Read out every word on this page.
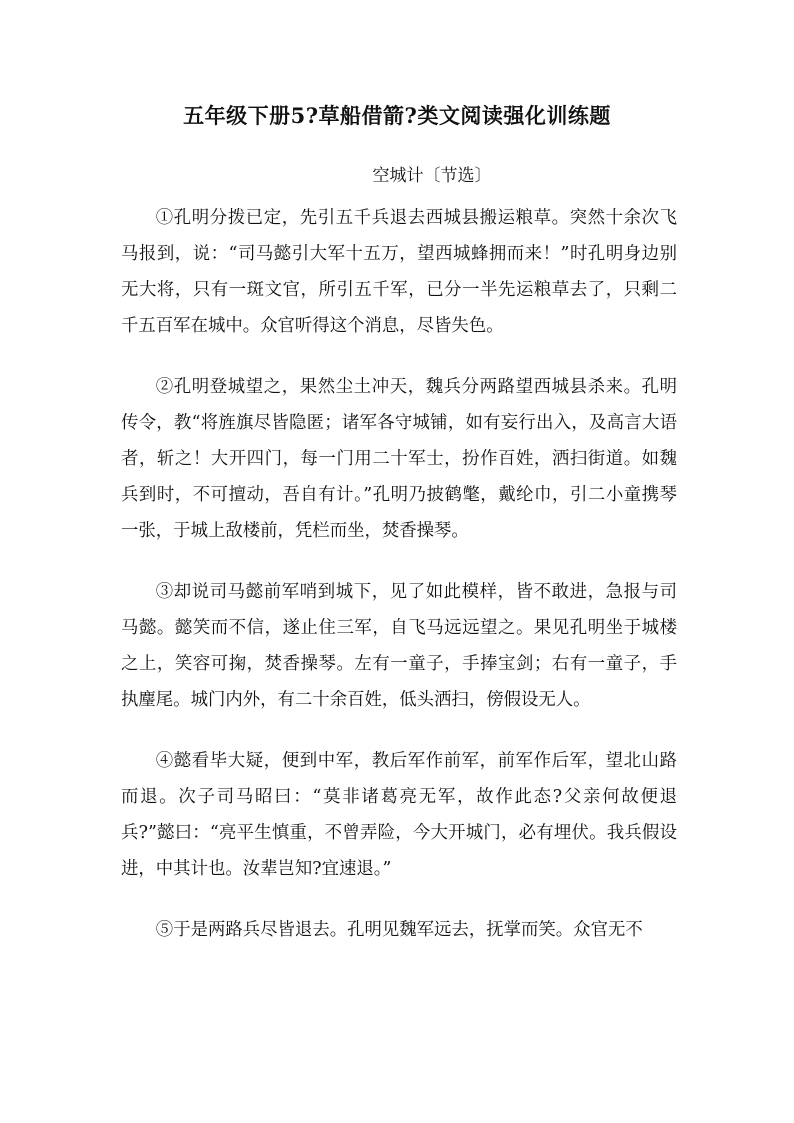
五年级下册5?草船借箭?类文阅读强化训练题
空城计〔节选〕

①孔明分拨已定，先引五千兵退去西城县搬运粮草。突然十余次飞马报到，说：“司马懿引大军十五万，望西城蜂拥而来！”时孔明身边别无大将，只有一斑文官，所引五千军，已分一半先运粮草去了，只剩二千五百军在城中。众官听得这个消息，尽皆失色。

②孔明登城望之，果然尘土冲天，魏兵分两路望西城县杀来。孔明传令，教“将旌旗尽皆隐匿；诸军各守城铺，如有妄行出入，及高言大语者，斩之！大开四门，每一门用二十军士，扮作百姓，洒扫街道。如魏兵到时，不可擅动，吾自有计。”孔明乃披鹤氅，戴纶巾，引二小童携琴一张，于城上敌楼前，凭栏而坐，焚香操琴。

③却说司马懿前军哨到城下，见了如此模样，皆不敢进，急报与司马懿。懿笑而不信，遂止住三军，自飞马远远望之。果见孔明坐于城楼之上，笑容可掬，焚香操琴。左有一童子，手捧宝剑；右有一童子，手执麈尾。城门内外，有二十余百姓，低头洒扫，傍假设无人。

④懿看毕大疑，便到中军，教后军作前军，前军作后军，望北山路而退。次子司马昭曰：“莫非诸葛亮无军，故作此态?父亲何故便退兵?”懿曰：“亮平生慎重，不曾弄险，今大开城门，必有埋伏。我兵假设进，中其计也。汝辈岂知?宜速退。”

⑤于是两路兵尽皆退去。孔明见魏军远去，抚掌而笑。众官无不
